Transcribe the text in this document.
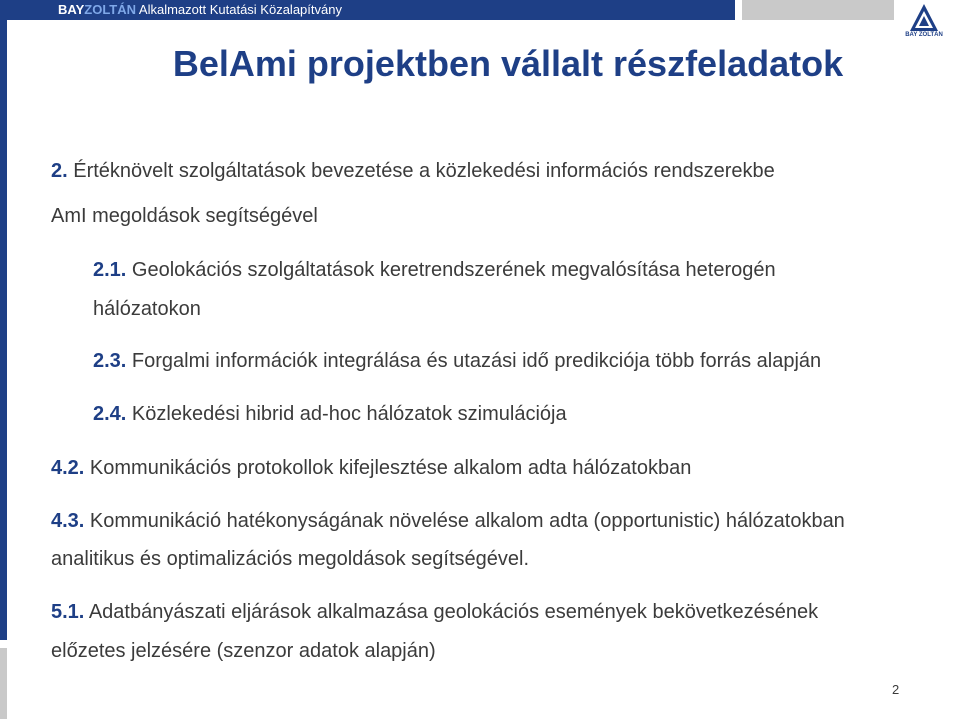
BAYZOLTÁN Alkalmazott Kutatási Közalapítvány
BAY ZOLTÁN
BelAmi projektben vállalt részfeladatok
2. Értéknövelt szolgáltatások bevezetése a közlekedési információs rendszerekbe
AmI megoldások segítségével
2.1. Geolokációs szolgáltatások keretrendszerének megvalósítása heterogén
hálózatokon
2.3. Forgalmi információk integrálása és utazási idő predikciója több forrás alapján
2.4. Közlekedési hibrid ad-hoc hálózatok szimulációja
4.2. Kommunikációs protokollok kifejlesztése alkalom adta hálózatokban
4.3. Kommunikáció hatékonyságának növelése alkalom adta (opportunistic) hálózatokban
analitikus és optimalizációs megoldások segítségével.
5.1. Adatbányászati eljárások alkalmazása geolokációs események bekövetkezésének
előzetes jelzésére (szenzor adatok alapján)
2
